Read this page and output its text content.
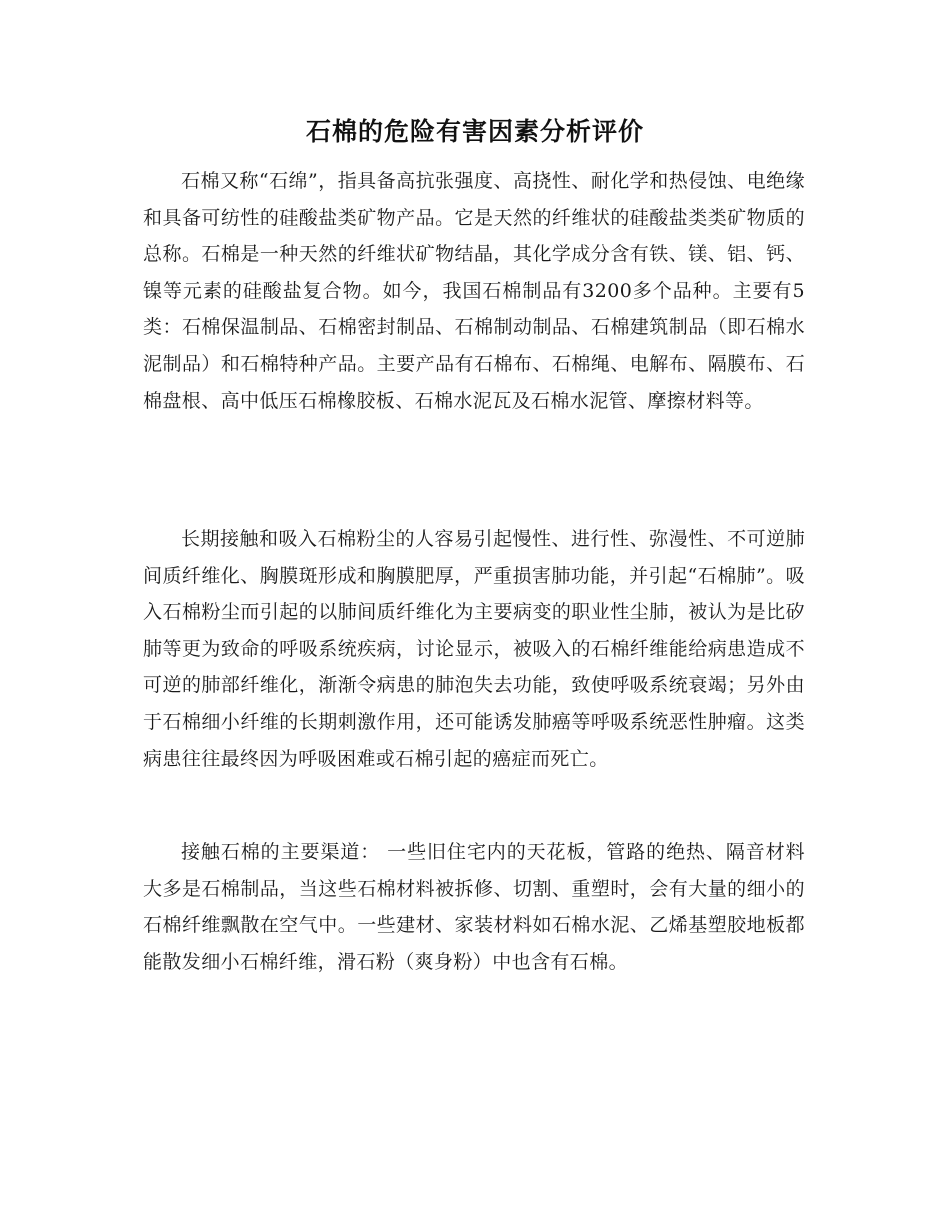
石棉的危险有害因素分析评价

石棉又称“石绵”，指具备高抗张强度、高挠性、耐化学和热侵蚀、电绝缘和具备可纺性的硅酸盐类矿物产品。它是天然的纤维状的硅酸盐类类矿物质的总称。石棉是一种天然的纤维状矿物结晶，其化学成分含有铁、镁、铝、钙、镍等元素的硅酸盐复合物。如今，我国石棉制品有3200多个品种。主要有5类：石棉保温制品、石棉密封制品、石棉制动制品、石棉建筑制品（即石棉水泥制品）和石棉特种产品。主要产品有石棉布、石棉绳、电解布、隔膜布、石棉盘根、高中低压石棉橡胶板、石棉水泥瓦及石棉水泥管、摩擦材料等。

长期接触和吸入石棉粉尘的人容易引起慢性、进行性、弥漫性、不可逆肺间质纤维化、胸膜斑形成和胸膜肥厚，严重损害肺功能，并引起“石棉肺”。吸入石棉粉尘而引起的以肺间质纤维化为主要病变的职业性尘肺，被认为是比矽肺等更为致命的呼吸系统疾病，讨论显示，被吸入的石棉纤维能给病患造成不可逆的肺部纤维化，渐渐令病患的肺泡失去功能，致使呼吸系统衰竭；另外由于石棉细小纤维的长期刺激作用，还可能诱发肺癌等呼吸系统恶性肿瘤。这类病患往往最终因为呼吸困难或石棉引起的癌症而死亡。

接触石棉的主要渠道： 一些旧住宅内的天花板，管路的绝热、隔音材料大多是石棉制品，当这些石棉材料被拆修、切割、重塑时，会有大量的细小的石棉纤维飘散在空气中。一些建材、家装材料如石棉水泥、乙烯基塑胶地板都能散发细小石棉纤维，滑石粉（爽身粉）中也含有石棉。
